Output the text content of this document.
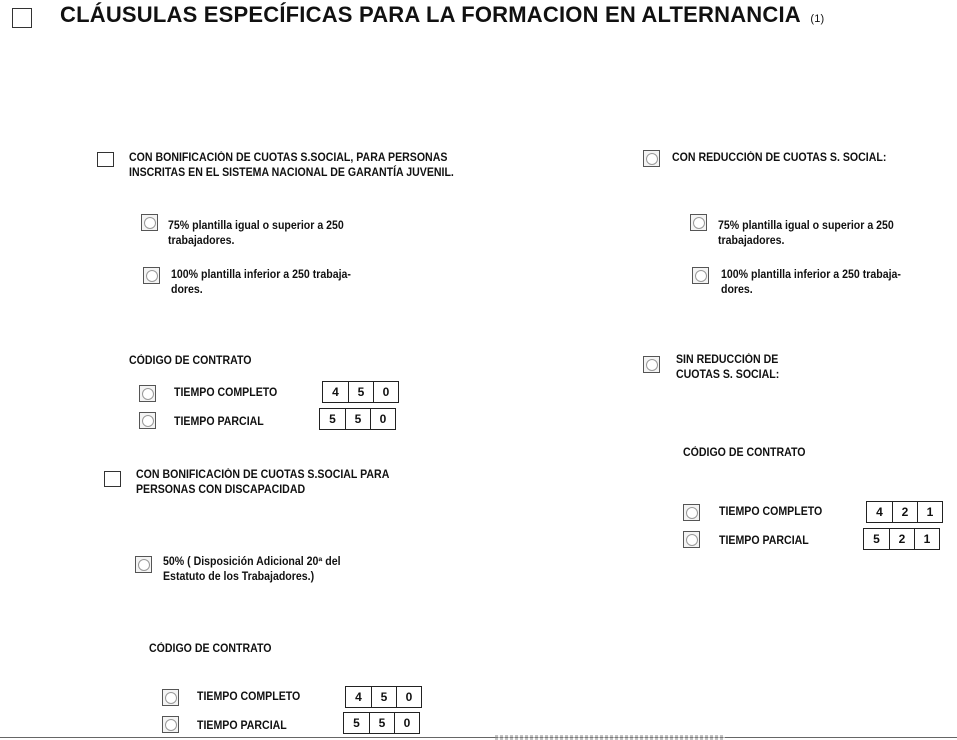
CLÁUSULAS ESPECÍFICAS PARA LA FORMACION EN ALTERNANCIA (1)
CON BONIFICACIÓN DE CUOTAS S.SOCIAL, PARA PERSONAS
INSCRITAS EN EL SISTEMA NACIONAL DE GARANTÍA JUVENIL.
75% plantilla igual o superior a 250
trabajadores.
100% plantilla inferior a 250 trabaja-
dores.
CÒDIGO DE CONTRATO
TIEMPO COMPLETO	4	5	0
TIEMPO PARCIAL	5	5	0
CON BONIFICACIÓN DE CUOTAS S.SOCIAL PARA
PERSONAS CON DISCAPACIDAD
50% ( Disposición Adicional 20ª del
Estatuto de los Trabajadores.)
CÒDIGO DE CONTRATO
TIEMPO COMPLETO	4	5	0
TIEMPO PARCIAL	5	5	0
CON REDUCCIÓN DE CUOTAS S. SOCIAL:
75% plantilla igual o superior a 250
trabajadores.
100% plantilla inferior a 250 trabaja-
dores.
SIN REDUCCIÓN DE
CUOTAS S. SOCIAL:
CÒDIGO DE CONTRATO
TIEMPO COMPLETO	4	2	1
TIEMPO PARCIAL	5	2	1
